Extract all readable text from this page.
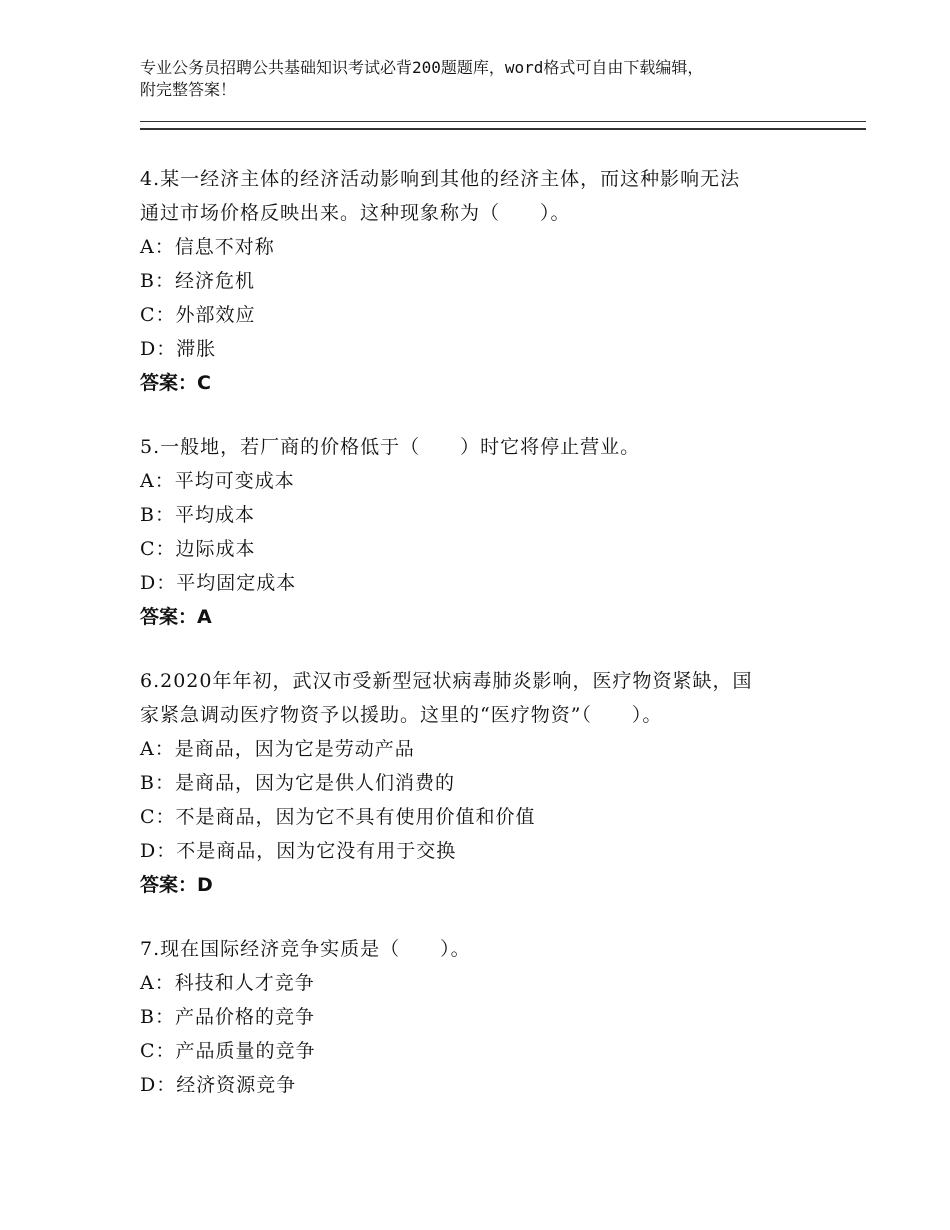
专业公务员招聘公共基础知识考试必背200题题库，word格式可自由下载编辑，
附完整答案！
4.某一经济主体的经济活动影响到其他的经济主体，而这种影响无法
通过市场价格反映出来。这种现象称为（　　）。
A：信息不对称
B：经济危机
C：外部效应
D：滞胀
答案：C
5.一般地，若厂商的价格低于（　　）时它将停止营业。
A：平均可变成本
B：平均成本
C：边际成本
D：平均固定成本
答案：A
6.2020年年初，武汉市受新型冠状病毒肺炎影响，医疗物资紧缺，国
家紧急调动医疗物资予以援助。这里的“医疗物资”（　　）。
A：是商品，因为它是劳动产品
B：是商品，因为它是供人们消费的
C：不是商品，因为它不具有使用价值和价值
D：不是商品，因为它没有用于交换
答案：D
7.现在国际经济竞争实质是（　　）。
A：科技和人才竞争
B：产品价格的竞争
C：产品质量的竞争
D：经济资源竞争
